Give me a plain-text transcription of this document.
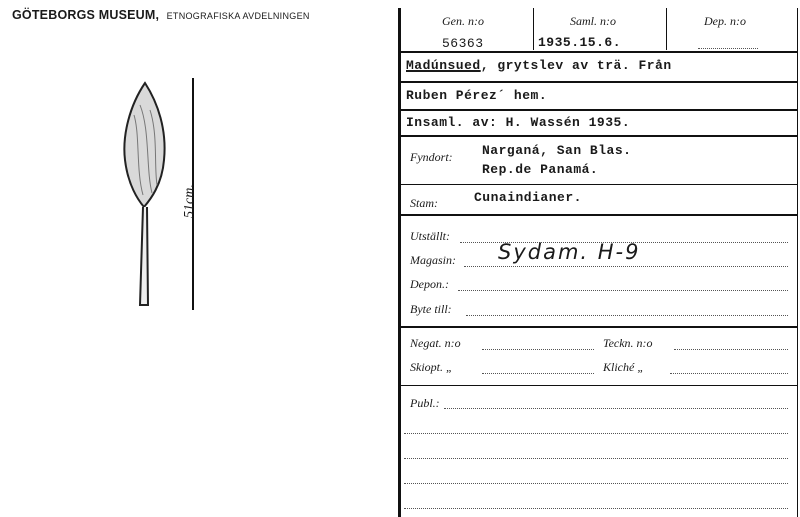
GÖTEBORGS MUSEUM, ETNOGRAFISKA AVDELNINGEN
51cm.
Gen. n:o	Saml. n:o	Dep. n:o
56363	1935.15.6.
Madúnsued, grytslev av trä. Från
Ruben Pérez´ hem.
Insaml. av: H. Wassén 1935.
Fyndort: Narganá, San Blas.
Rep.de Panamá.
Stam:	Cunaindianer.
Utställt:
Magasin: Sydam. H-9
Depon.:
Byte till:
Negat. n:o	Teckn. n:o
Skiopt. „	Kliché „
Publ.:
